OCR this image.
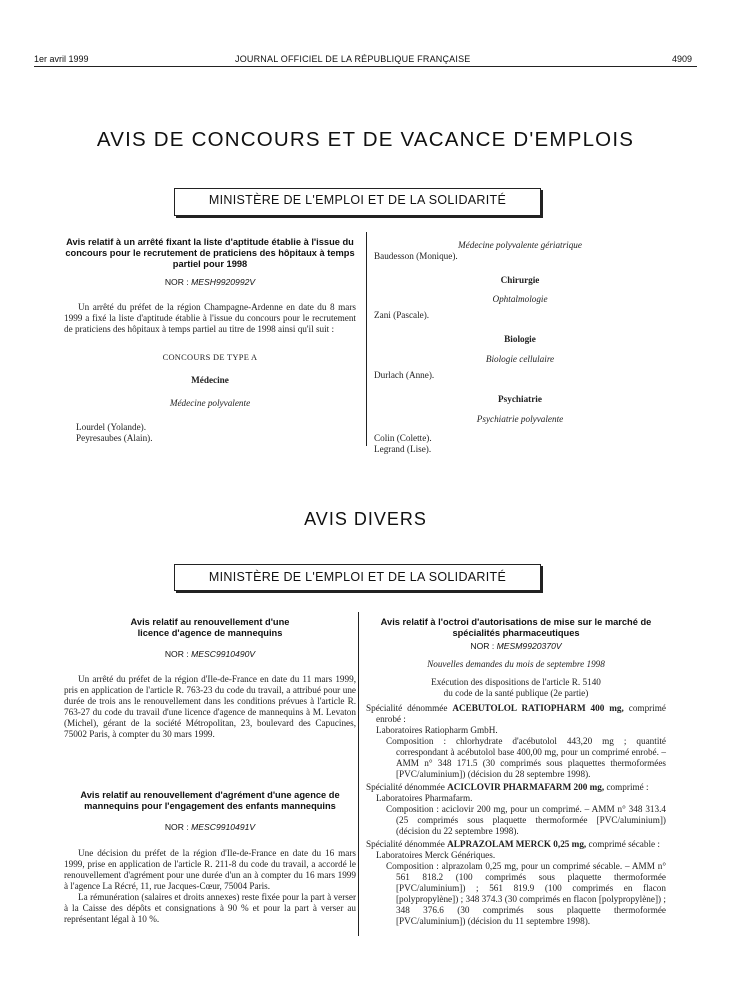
1er avril 1999	JOURNAL OFFICIEL DE LA RÉPUBLIQUE FRANÇAISE	4909
AVIS DE CONCOURS ET DE VACANCE D'EMPLOIS
MINISTÈRE DE L'EMPLOI ET DE LA SOLIDARITÉ
Avis relatif à un arrêté fixant la liste d'aptitude établie à l'issue du concours pour le recrutement de praticiens des hôpitaux à temps partiel pour 1998
NOR : MESH9920992V
Un arrêté du préfet de la région Champagne-Ardenne en date du 8 mars 1999 a fixé la liste d'aptitude établie à l'issue du concours pour le recrutement de praticiens des hôpitaux à temps partiel au titre de 1998 ainsi qu'il suit :
CONCOURS DE TYPE A
Médecine
Médecine polyvalente
Lourdel (Yolande).
Peyresaubes (Alain).
Médecine polyvalente gériatrique
Baudesson (Monique).
Chirurgie
Ophtalmologie
Zani (Pascale).
Biologie
Biologie cellulaire
Durlach (Anne).
Psychiatrie
Psychiatrie polyvalente
Colin (Colette).
Legrand (Lise).
AVIS DIVERS
MINISTÈRE DE L'EMPLOI ET DE LA SOLIDARITÉ
Avis relatif au renouvellement d'une licence d'agence de mannequins
NOR : MESC9910490V
Un arrêté du préfet de la région d'Ile-de-France en date du 11 mars 1999, pris en application de l'article R. 763-23 du code du travail, a attribué pour une durée de trois ans le renouvellement dans les conditions prévues à l'article R. 763-27 du code du travail d'une licence d'agence de mannequins à M. Levaton (Michel), gérant de la société Métropolitan, 23, boulevard des Capucines, 75002 Paris, à compter du 30 mars 1999.
Avis relatif au renouvellement d'agrément d'une agence de mannequins pour l'engagement des enfants mannequins
NOR : MESC9910491V
Une décision du préfet de la région d'Ile-de-France en date du 16 mars 1999, prise en application de l'article R. 211-8 du code du travail, a accordé le renouvellement d'agrément pour une durée d'un an à compter du 16 mars 1999 à l'agence La Récré, 11, rue Jacques-Cœur, 75004 Paris.
La rémunération (salaires et droits annexes) reste fixée pour la part à verser à la Caisse des dépôts et consignations à 90 % et pour la part à verser au représentant légal à 10 %.
Avis relatif à l'octroi d'autorisations de mise sur le marché de spécialités pharmaceutiques
NOR : MESM9920370V
Nouvelles demandes du mois de septembre 1998
Exécution des dispositions de l'article R. 5140 du code de la santé publique (2e partie)
Spécialité dénommée ACEBUTOLOL RATIOPHARM 400 mg, comprimé enrobé :
Laboratoires Ratiopharm GmbH.
Composition : chlorhydrate d'acébutolol 443,20 mg ; quantité correspondant à acébutolol base 400,00 mg, pour un comprimé enrobé. – AMM n° 348 171.5 (30 comprimés sous plaquettes thermoformées [PVC/aluminium]) (décision du 28 septembre 1998).
Spécialité dénommée ACICLOVIR PHARMAFARM 200 mg, comprimé :
Laboratoires Pharmafarm.
Composition : aciclovir 200 mg, pour un comprimé. – AMM n° 348 313.4 (25 comprimés sous plaquette thermoformée [PVC/aluminium]) (décision du 22 septembre 1998).
Spécialité dénommée ALPRAZOLAM MERCK 0,25 mg, comprimé sécable :
Laboratoires Merck Génériques.
Composition : alprazolam 0,25 mg, pour un comprimé sécable. – AMM n° 561 818.2 (100 comprimés sous plaquette thermoformée [PVC/aluminium]) ; 561 819.9 (100 comprimés en flacon [polypropylène]) ; 348 374.3 (30 comprimés en flacon [polypropylène]) ; 348 376.6 (30 comprimés sous plaquette thermoformée [PVC/aluminium]) (décision du 11 septembre 1998).
